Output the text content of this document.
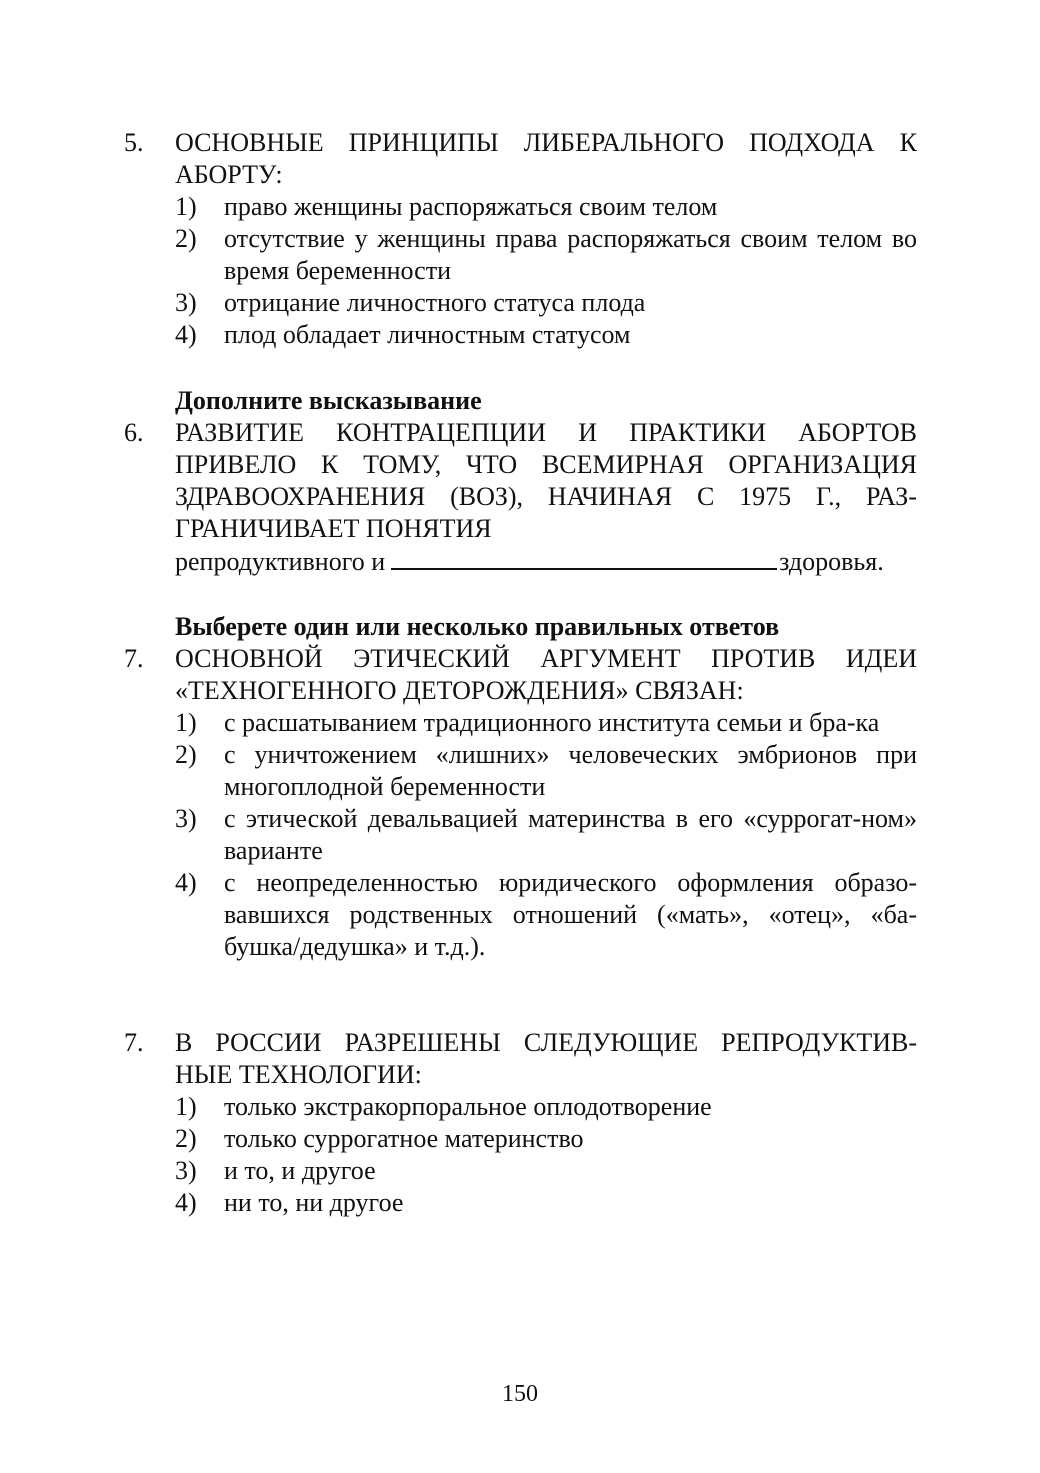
5.	ОСНОВНЫЕ ПРИНЦИПЫ ЛИБЕРАЛЬНОГО ПОДХОДА К
АБОРТУ:
1) право женщины распоряжаться своим телом
2) отсутствие у женщины права распоряжаться своим телом во время беременности
3) отрицание личностного статуса плода
4) плод обладает личностным статусом
Дополните высказывание
6.	РАЗВИТИЕ КОНТРАЦЕПЦИИ И ПРАКТИКИ АБОРТОВ
ПРИВЕЛО К ТОМУ, ЧТО ВСЕМИРНАЯ ОРГАНИЗАЦИЯ
ЗДРАВООХРАНЕНИЯ (ВОЗ), НАЧИНАЯ С 1975 Г., РАЗ-
ГРАНИЧИВАЕТ ПОНЯТИЯ
репродуктивного и	здоровья.
Выберете один или несколько правильных ответов
7.	ОСНОВНОЙ ЭТИЧЕСКИЙ АРГУМЕНТ ПРОТИВ ИДЕИ
«ТЕХНОГЕННОГО ДЕТОРОЖДЕНИЯ» СВЯЗАН:
1) с расшатыванием традиционного института семьи и бра-ка
2) с уничтожением «лишних» человеческих эмбрионов при многоплодной беременности
3) с этической девальвацией материнства в его «суррогат-ном» варианте
4) с неопределенностью юридического оформления образо-вавшихся родственных отношений («мать», «отец», «ба-бушка/дедушка» и т.д.).
7.	В РОССИИ РАЗРЕШЕНЫ СЛЕДУЮЩИЕ РЕПРОДУКТИВ-
НЫЕ ТЕХНОЛОГИИ:
1) только экстракорпоральное оплодотворение
2) только суррогатное материнство
3) и то, и другое
4) ни то, ни другое
150
